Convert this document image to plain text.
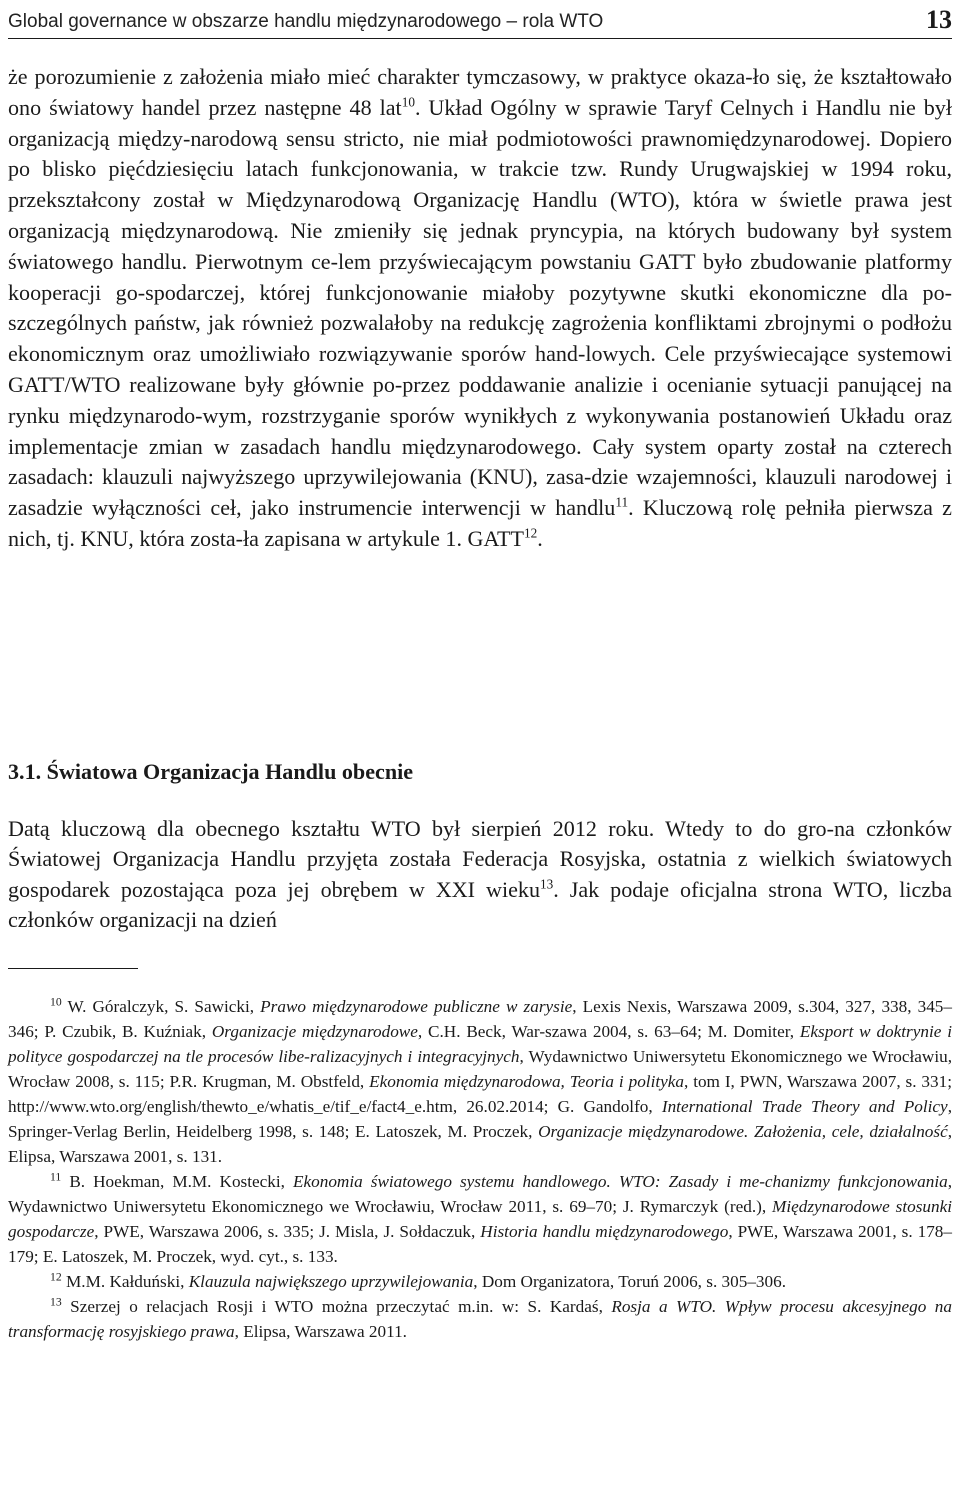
Global governance w obszarze handlu międzynarodowego – rola WTO	13

że porozumienie z założenia miało mieć charakter tymczasowy, w praktyce okaza-ło się, że kształtowało ono światowy handel przez następne 48 lat$^{10}$. Układ Ogólny w sprawie Taryf Celnych i Handlu nie był organizacją między-narodową sensu stricto, nie miał podmiotowości prawnomiędzynarodowej. Dopiero po blisko pięćdziesięciu latach funkcjonowania, w trakcie tzw. Rundy Urugwajskiej w 1994 roku, przekształcony został w Międzynarodową Organizację Handlu (WTO), która w świetle prawa jest organizacją międzynarodową. Nie zmieniły się jednak pryncypia, na których budowany był system światowego handlu. Pierwotnym ce-lem przyświecającym powstaniu GATT było zbudowanie platformy kooperacji go-spodarczej, której funkcjonowanie miałoby pozytywne skutki ekonomiczne dla po-szczególnych państw, jak również pozwalałoby na redukcję zagrożenia konfliktami zbrojnymi o podłożu ekonomicznym oraz umożliwiało rozwiązywanie sporów hand-lowych. Cele przyświecające systemowi GATT/WTO realizowane były głównie po-przez poddawanie analizie i ocenianie sytuacji panującej na rynku międzynarodo-wym, rozstrzyganie sporów wynikłych z wykonywania postanowień Układu oraz implementacje zmian w zasadach handlu międzynarodowego. Cały system oparty został na czterech zasadach: klauzuli najwyższego uprzywilejowania (KNU), zasa-dzie wzajemności, klauzuli narodowej i zasadzie wyłączności ceł, jako instrumencie interwencji w handlu$^{11}$. Kluczową rolę pełniła pierwsza z nich, tj. KNU, która zosta-ła zapisana w artykule 1. GATT$^{12}$.

3.1. Światowa Organizacja Handlu obecnie

Datą kluczową dla obecnego kształtu WTO był sierpień 2012 roku. Wtedy to do gro-na członków Światowej Organizacja Handlu przyjęta została Federacja Rosyjska, ostatnia z wielkich światowych gospodarek pozostająca poza jej obrębem w XXI wieku$^{13}$. Jak podaje oficjalna strona WTO, liczba członków organizacji na dzień

$^{10}$ W. Góralczyk, S. Sawicki, Prawo międzynarodowe publiczne w zarysie, Lexis Nexis, Warszawa 2009, s.304, 327, 338, 345–346; P. Czubik, B. Kuźniak, Organizacje międzynarodowe, C.H. Beck, War-szawa 2004, s. 63–64; M. Domiter, Eksport w doktrynie i polityce gospodarczej na tle procesów libe-ralizacyjnych i integracyjnych, Wydawnictwo Uniwersytetu Ekonomicznego we Wrocławiu, Wrocław 2008, s. 115; P.R. Krugman, M. Obstfeld, Ekonomia międzynarodowa, Teoria i polityka, tom I, PWN, Warszawa 2007, s. 331; http://www.wto.org/english/thewto_e/whatis_e/tif_e/fact4_e.htm, 26.02.2014; G. Gandolfo, International Trade Theory and Policy, Springer-Verlag Berlin, Heidelberg 1998, s. 148; E. Latoszek, M. Proczek, Organizacje międzynarodowe. Założenia, cele, działalność, Elipsa, Warszawa 2001, s. 131.

$^{11}$ B. Hoekman, M.M. Kostecki, Ekonomia światowego systemu handlowego. WTO: Zasady i me-chanizmy funkcjonowania, Wydawnictwo Uniwersytetu Ekonomicznego we Wrocławiu, Wrocław 2011, s. 69–70; J. Rymarczyk (red.), Międzynarodowe stosunki gospodarcze, PWE, Warszawa 2006, s. 335; J. Misla, J. Sołdaczuk, Historia handlu międzynarodowego, PWE, Warszawa 2001, s. 178–179; E. Latoszek, M. Proczek, wyd. cyt., s. 133.

$^{12}$ M.M. Kałduński, Klauzula największego uprzywilejowania, Dom Organizatora, Toruń 2006, s. 305–306.

$^{13}$ Szerzej o relacjach Rosji i WTO można przeczytać m.in. w: S. Kardaś, Rosja a WTO. Wpływ procesu akcesyjnego na transformację rosyjskiego prawa, Elipsa, Warszawa 2011.
